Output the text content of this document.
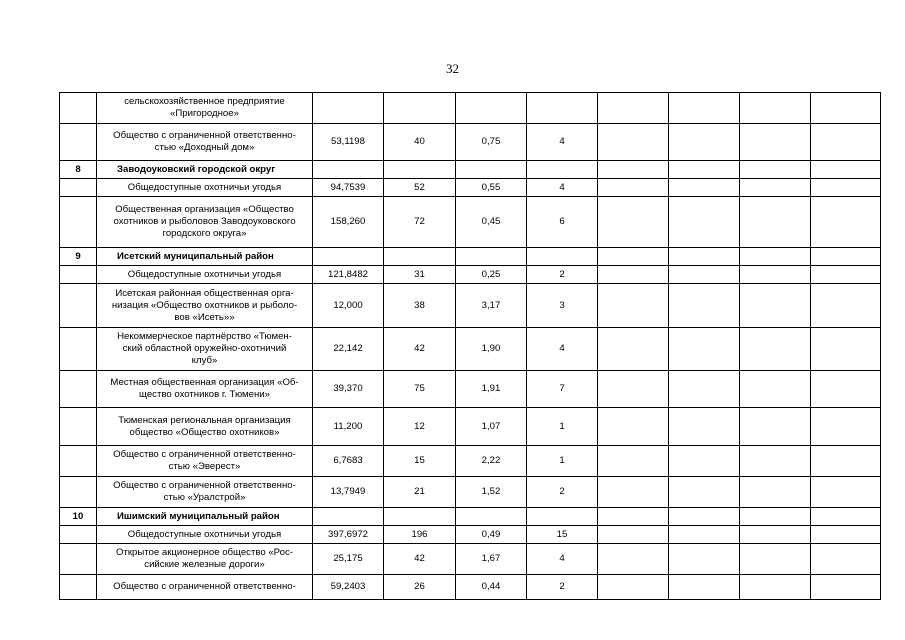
32
	сельскохозяйственное предприятие
«Пригородное»								
	Общество с ограниченной ответственно-
стью «Доходный дом»	53,1198	40	0,75	4				
8	Заводоуковский городской округ								
	Общедоступные охотничьи угодья	94,7539	52	0,55	4				
	Общественная организация «Общество
охотников и рыболовов Заводоуковского
городского округа»	158,260	72	0,45	6				
9	Исетский муниципальный район								
	Общедоступные охотничьи угодья	121,8482	31	0,25	2				
	Исетская районная общественная орга-
низация «Общество охотников и рыболо-
вов «Исеть»»	12,000	38	3,17	3				
	Некоммерческое партнёрство «Тюмен-
ский областной оружейно-охотничий
клуб»	22,142	42	1,90	4				
	Местная общественная организация «Об-
щество охотников г. Тюмени»	39,370	75	1,91	7				
	Тюменская региональная организация
общество «Общество охотников»	11,200	12	1,07	1				
	Общество с ограниченной ответственно-
стью «Эверест»	6,7683	15	2,22	1				
	Общество с ограниченной ответственно-
стью «Уралстрой»	13,7949	21	1,52	2				
10	Ишимский муниципальный район								
	Общедоступные охотничьи угодья	397,6972	196	0,49	15				
	Открытое акционерное общество «Рос-
сийские железные дороги»	25,175	42	1,67	4				
	Общество с ограниченной ответственно-	59,2403	26	0,44	2				
